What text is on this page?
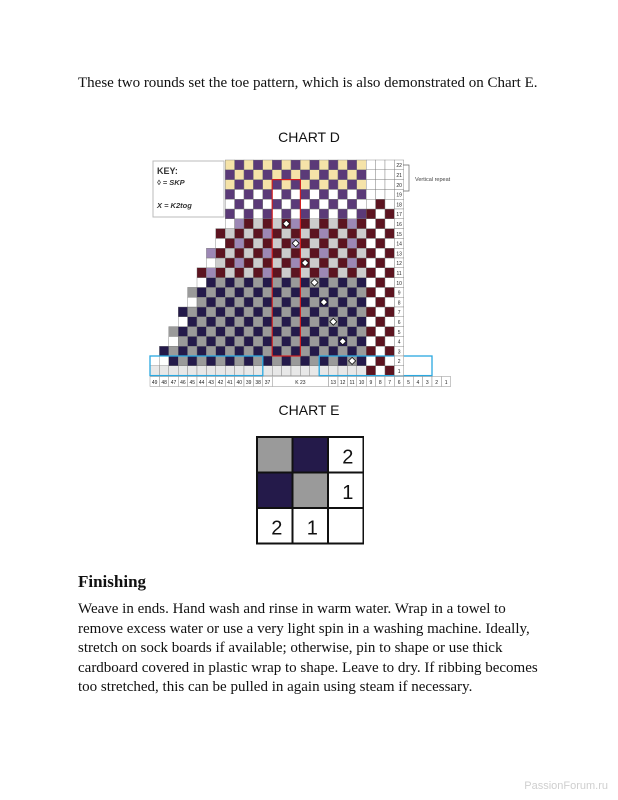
These two rounds set the toe pattern, which is also demonstrated on Chart E.

CHART D
X
X
X
X
X
X
X
X
KEY:
◊ = SKP
X = K2tog
22
21
20
19
18
17
16
15
14
13
12
11
10
9
8
7
6
5
4
3
2
1
49 48 47 46 45 44 43 42 41 40 39 38 37	K 23	13 12 11 10 9 8 7 6 5 4 3 2 1
Vertical repeat
CHART E
2
1
2 1
Finishing

Weave in ends. Hand wash and rinse in warm water. Wrap in a towel to remove excess water or use a very light spin in a washing machine. Ideally, stretch on sock boards if available; otherwise, pin to shape or use thick cardboard covered in plastic wrap to shape. Leave to dry. If ribbing becomes too stretched, this can be pulled in again using steam if necessary.

PassionForum.ru
